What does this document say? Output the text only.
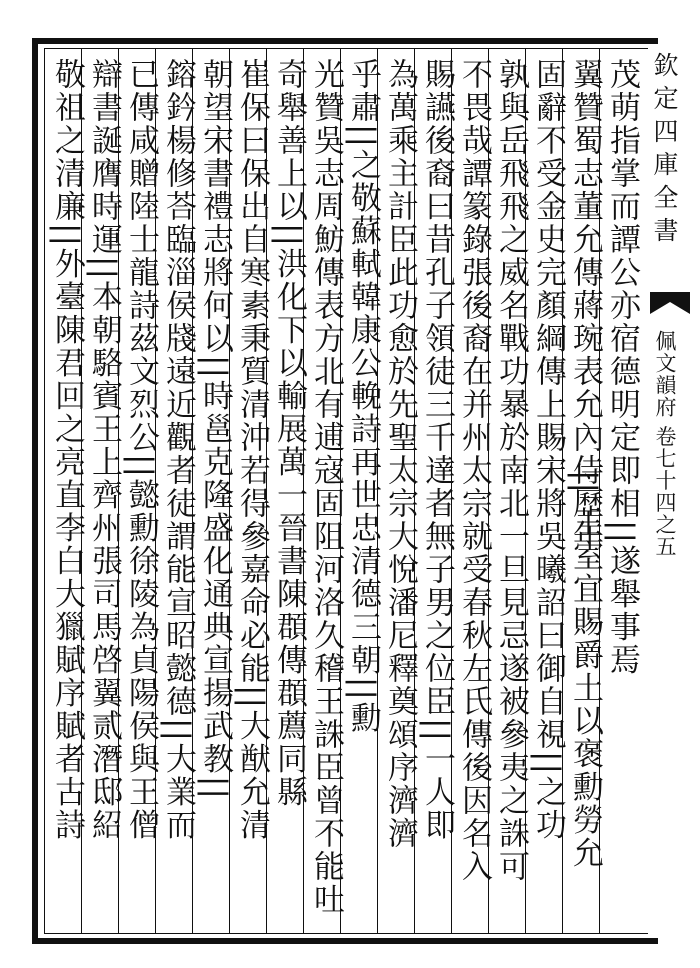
欽定四庫全書
佩文韻府 卷七十四之五
茂萌指掌而譚公亦宿德明定即相||遂舉事焉
翼贊蜀志董允傳蔣琬表允內侍歷年
|| 王室宜賜爵土以褒勳勞允
固辭不受金史完顏綱傳上賜宋將吳曦詔曰御自視||之功
孰與岳飛飛之威名戰功暴於南北一旦見忌遂被參夷之誅可
不畏哉譚篆錄張後裔在并州太宗就受春秋左氏傳後因名入
賜讌後裔曰昔孔子領徒三千達者無子男之位臣||一人即
為萬乘主計臣此功愈於先聖太宗大悅潘尼釋奠頌序濟濟
乎肅||之敬蘇軾韓康公輓詩再世忠清德三朝||勳
光贊吳志周魴傳表方北有逋寇固阻河洛久稽王誅臣曾不能吐
奇舉善上以||洪化下以輸展萬一晉書陳頵傳頵薦同縣
崔保曰保出自寒素秉質清沖若得參嘉命必能||大猷允清
朝望宋書禮志將何以||時邕克隆盛化通典宣揚武教||
鎔鈐楊修荅臨淄侯牋遠近觀者徒謂能宣昭懿德||大業而
已傳咸贈陸士龍詩茲文烈公||懿勳徐陵為貞陽侯與王僧
辯書誕膺時運||本朝駱賓王上齊州張司馬啓翼贰潛邸紹
敬祖之清廉||外臺陳君回之亮直李白大獵賦序賦者古詩
